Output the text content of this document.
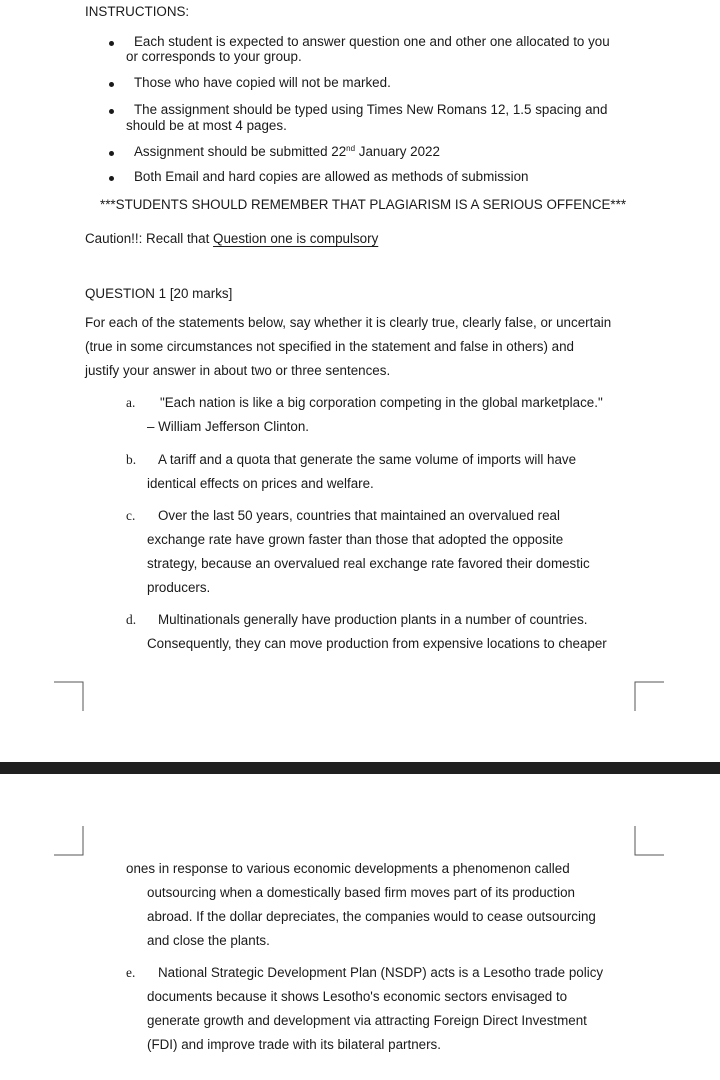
INSTRUCTIONS:
Each student is expected to answer question one and other one allocated to you
or corresponds to your group.
Those who have copied will not be marked.
The assignment should be typed using Times New Romans 12, 1.5 spacing and
should be at most 4 pages.
Assignment should be submitted 22nd January 2022
Both Email and hard copies are allowed as methods of submission
***STUDENTS SHOULD REMEMBER THAT PLAGIARISM IS A SERIOUS OFFENCE***
Caution!!: Recall that Question one is compulsory
QUESTION 1 [20 marks]
For each of the statements below, say whether it is clearly true, clearly false, or uncertain
(true in some circumstances not specified in the statement and false in others) and
justify your answer in about two or three sentences.
a. "Each nation is like a big corporation competing in the global marketplace."
– William Jefferson Clinton.
b. A tariff and a quota that generate the same volume of imports will have
identical effects on prices and welfare.
c. Over the last 50 years, countries that maintained an overvalued real
exchange rate have grown faster than those that adopted the opposite
strategy, because an overvalued real exchange rate favored their domestic
producers.
d. Multinationals generally have production plants in a number of countries.
Consequently, they can move production from expensive locations to cheaper
ones in response to various economic developments a phenomenon called
outsourcing when a domestically based firm moves part of its production
abroad. If the dollar depreciates, the companies would to cease outsourcing
and close the plants.
e. National Strategic Development Plan (NSDP) acts is a Lesotho trade policy
documents because it shows Lesotho's economic sectors envisaged to
generate growth and development via attracting Foreign Direct Investment
(FDI) and improve trade with its bilateral partners.
